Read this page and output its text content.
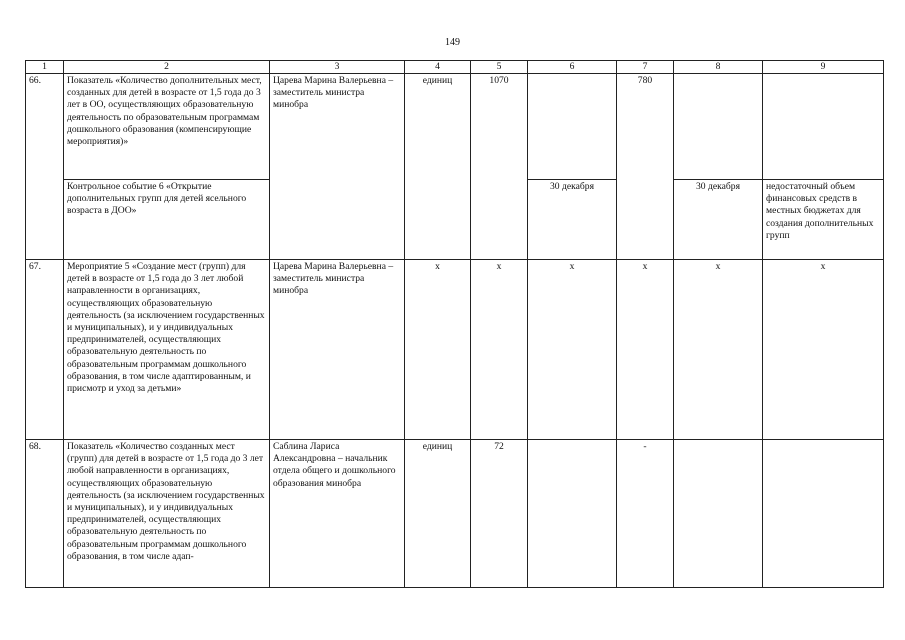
149
1	2	3	4	5	6	7	8	9
66.	Показатель «Количество дополнительных мест, созданных для детей в возрасте от 1,5 года до 3 лет в ОО, осуществляющих образовательную деятельность по образовательным программам дошкольного образования (компенсирующие мероприятия)»	Царева Марина Валерьевна – заместитель министра минобра	единиц	1070		780		
	Контрольное событие 6 «Открытие дополнительных групп для детей ясельного возраста в ДОО»				30 декабря		30 декабря	недостаточный объем финансовых средств в местных бюджетах для создания дополнительных групп
67.	Мероприятие 5 «Создание мест (групп) для детей в возрасте от 1,5 года до 3 лет любой направленности в организациях, осуществляющих образовательную деятельность (за исключением государственных и муниципальных), и у индивидуальных предпринимателей, осуществляющих образовательную деятельность по образовательным программам дошкольного образования, в том числе адаптированным, и присмотр и уход за детьми»	Царева Марина Валерьевна – заместитель министра минобра	x	x	x	x	x	x
68.	Показатель «Количество созданных мест (групп) для детей в возрасте от 1,5 года до 3 лет любой направленности в организациях, осуществляющих образовательную деятельность (за исключением государственных и муниципальных), и у индивидуальных предпринимателей, осуществляющих образовательную деятельность по образовательным программам дошкольного образования, в том числе адап-	Саблина Лариса Александровна – начальник отдела общего и дошкольного образования минобра	единиц	72		-		
